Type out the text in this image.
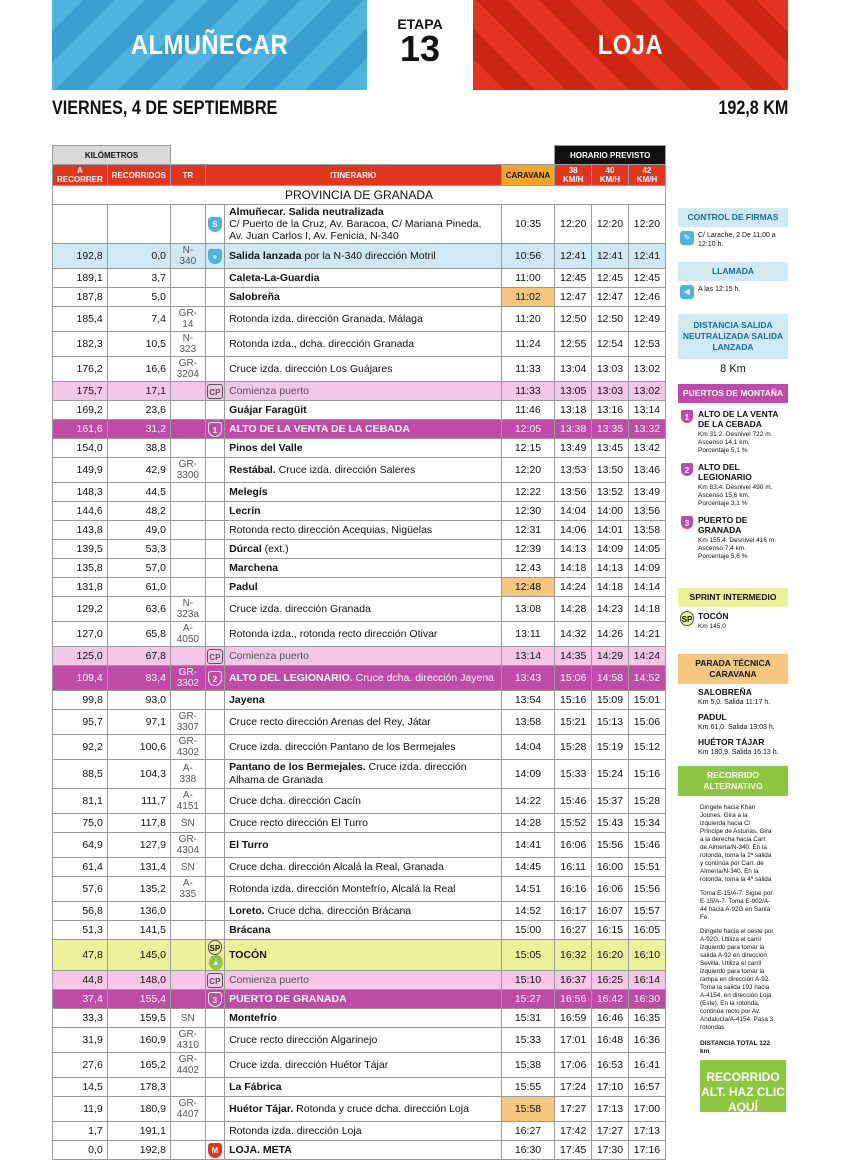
ALMUÑECAR
ETAPA
13	LOJA
VIERNES, 4 DE SEPTIEMBRE	192,8 KM
KILÓMETROS						HORARIO PREVISTO		
A RECORRER	RECORRIDOS	TR	ITINERARIO		CARAVANA	38 KM/H	40 KM/H	42 KM/H
PROVINCIA DE GRANADA								
			S	Almuñecar. Salida neutralizada
C/ Puerto de la Cruz, Av. Baracoa, C/ Mariana Pineda,
Av. Juan Carlos I, Av. Fenicia, N-340	10:35	12:20	12:20	12:20
192,8	0,0	N-340	»	Salida lanzada por la N-340 dirección Motril	10:56	12:41	12:41	12:41
189,1	3,7			Caleta-La-Guardia	11:00	12:45	12:45	12:45
187,8	5,0			Salobreña	11:02	12:47	12:47	12:46
185,4	7,4	GR-14		Rotonda izda. dirección Granada, Málaga	11:20	12:50	12:50	12:49
182,3	10,5	N-323		Rotonda izda., dcha. dirección Granada	11:24	12:55	12:54	12:53
176,2	16,6	GR-3204		Cruce izda. dirección Los Guájares	11:33	13:04	13:03	13:02
175,7	17,1		CP	Comienza puerto	11:33	13:05	13:03	13:02
169,2	23,6			Guájar Faragüit	11:46	13:18	13:16	13:14
161,6	31,2		1	ALTO DE LA VENTA DE LA CEBADA	12:05	13:38	13:35	13:32
154,0	38,8			Pinos del Valle	12:15	13:49	13:45	13:42
149,9	42,9	GR-3300		Restábal. Cruce izda. dirección Saleres	12:20	13:53	13:50	13:46
148,3	44,5			Melegís	12:22	13:56	13:52	13:49
144,6	48,2			Lecrín	12:30	14:04	14:00	13:56
143,8	49,0			Rotonda recto dirección Acequias, Nigüelas	12:31	14:06	14:01	13:58
139,5	53,3			Dúrcal (ext.)	12:39	14:13	14:09	14:05
135,8	57,0			Marchena	12:43	14:18	14:13	14:09
131,8	61,0			Padul	12:48	14:24	14:18	14:14
129,2	63,6	N-323a		Cruce izda. dirección Granada	13:08	14:28	14:23	14:18
127,0	65,8	A-4050		Rotonda izda., rotonda recto dirección Otivar	13:11	14:32	14:26	14:21
125,0	67,8		CP	Comienza puerto	13:14	14:35	14:29	14:24
109,4	83,4	GR-3302	2	ALTO DEL LEGIONARIO. Cruce dcha. dirección Jayena	13:43	15:06	14:58	14:52
99,8	93,0			Jayena	13:54	15:16	15:09	15:01
95,7	97,1	GR-3307		Cruce recto dirección Arenas del Rey, Játar	13:58	15:21	15:13	15:06
92,2	100,6	GR-4302		Cruce izda. dirección Pantano de los Bermejales	14:04	15:28	15:19	15:12
88,5	104,3	A-338		Pantano de los Bermejales. Cruce izda. dirección
Alhama de Granada	14:09	15:33	15:24	15:16
81,1	111,7	A-4151		Cruce dcha. dirección Cacín	14:22	15:46	15:37	15:28
75,0	117,8	SN		Cruce recto dirección El Turro	14:28	15:52	15:43	15:34
64,9	127,9	GR-4304		El Turro	14:41	16:06	15:56	15:46
61,4	131,4	SN		Cruce dcha. dirección Alcalá la Real, Granada	14:45	16:11	16:00	15:51
57,6	135,2	A-335		Rotonda izda. dirección Montefrío, Alcalá la Real	14:51	16:16	16:06	15:56
56,8	136,0			Loreto. Cruce dcha. dirección Brácana	14:52	16:17	16:07	15:57
51,3	141,5			Brácana	15:00	16:27	16:15	16:05
47,8	145,0		SP▲	TOCÓN	15:05	16:32	16:20	16:10
44,8	148,0		CP	Comienza puerto	15:10	16:37	16:25	16:14
37,4	155,4		3	PUERTO DE GRANADA	15:27	16:56	16:42	16:30
33,3	159,5	SN		Montefrío	15:31	16:59	16:46	16:35
31,9	160,9	GR-4310		Cruce recto dirección Algarinejo	15:33	17:01	16:48	16:36
27,6	165,2	GR-4402		Cruce izda. dirección Huétor Tájar	15:38	17:06	16:53	16:41
14,5	178,3			La Fábrica	15:55	17:24	17:10	16:57
11,9	180,9	GR-4407		Huétor Tájar. Rotonda y cruce dcha. dirección Loja	15:58	17:27	17:13	17:00
1,7	191,1			Rotonda izda. dirección Loja	16:27	17:42	17:27	17:13
0,0	192,8		M	LOJA. META	16:30	17:45	17:30	17:16
CONTROL DE FIRMAS
✎	C/ Larache, 2 De 11:00 a 12:10 h.
LLAMADA
◀	A las 12:15 h.
DISTANCIA SALIDA NEUTRALIZADA SALIDA LANZADA
8 Km
PUERTOS DE MONTAÑA
1	ALTO DE LA VENTA DE LA CEBADA
Km 31,2. Desnivel 722 m.
Ascenso 14,1 km.
Porcentaje 5,1 %
2	ALTO DEL LEGIONARIO
Km 83,4. Desnivel 490 m.
Ascenso 15,6 km.
Porcentaje 3,1 %
3	PUERTO DE GRANADA
Km 155,4. Desnivel 416 m.
Ascenso 7,4 km.
Porcentaje 5,6 %
SPRINT INTERMEDIO
SP TOCÓN
Km 145,0
PARADA TÉCNICA CARAVANA
SALOBREÑA
Km 5,0. Salida 11:17 h.
PADUL
Km 61,0. Salida 13:03 h.
HUÉTOR TÁJAR
Km 180,9. Salida 16:13 h.
RECORRIDO ALTERNATIVO

Dirígete hacia Khan Jounes. Gira a la izquierda hacia C/ Príncipe de Asturias. Gira a la derecha hacia Carr. de Almería/N-340. En la rotonda, toma la 2ª salida y continúa por Carr. de Almería/N-340. En la rotonda, toma la 4ª salida

Toma E-15/A-7. Sigue por E-15/A-7. Toma E-902/A-44 hacia A-92G en Santa Fe.

Dirígete hacia el oeste por A-92G. Utiliza el carril izquierdo para tomar la salida A-92 en dirección Sevilla. Utiliza el carril izquierdo para tomar la rampa en dirección A-92. Toma la salida 193 hacia A-4154, en dirección Loja (Este). En la rotonda, continúa recto por Av. Andalucía/A-4154. Pasa 3 rotondas

DISTANCIA TOTAL 122 km

RECORRIDO ALT. HAZ CLIC AQUÍ
